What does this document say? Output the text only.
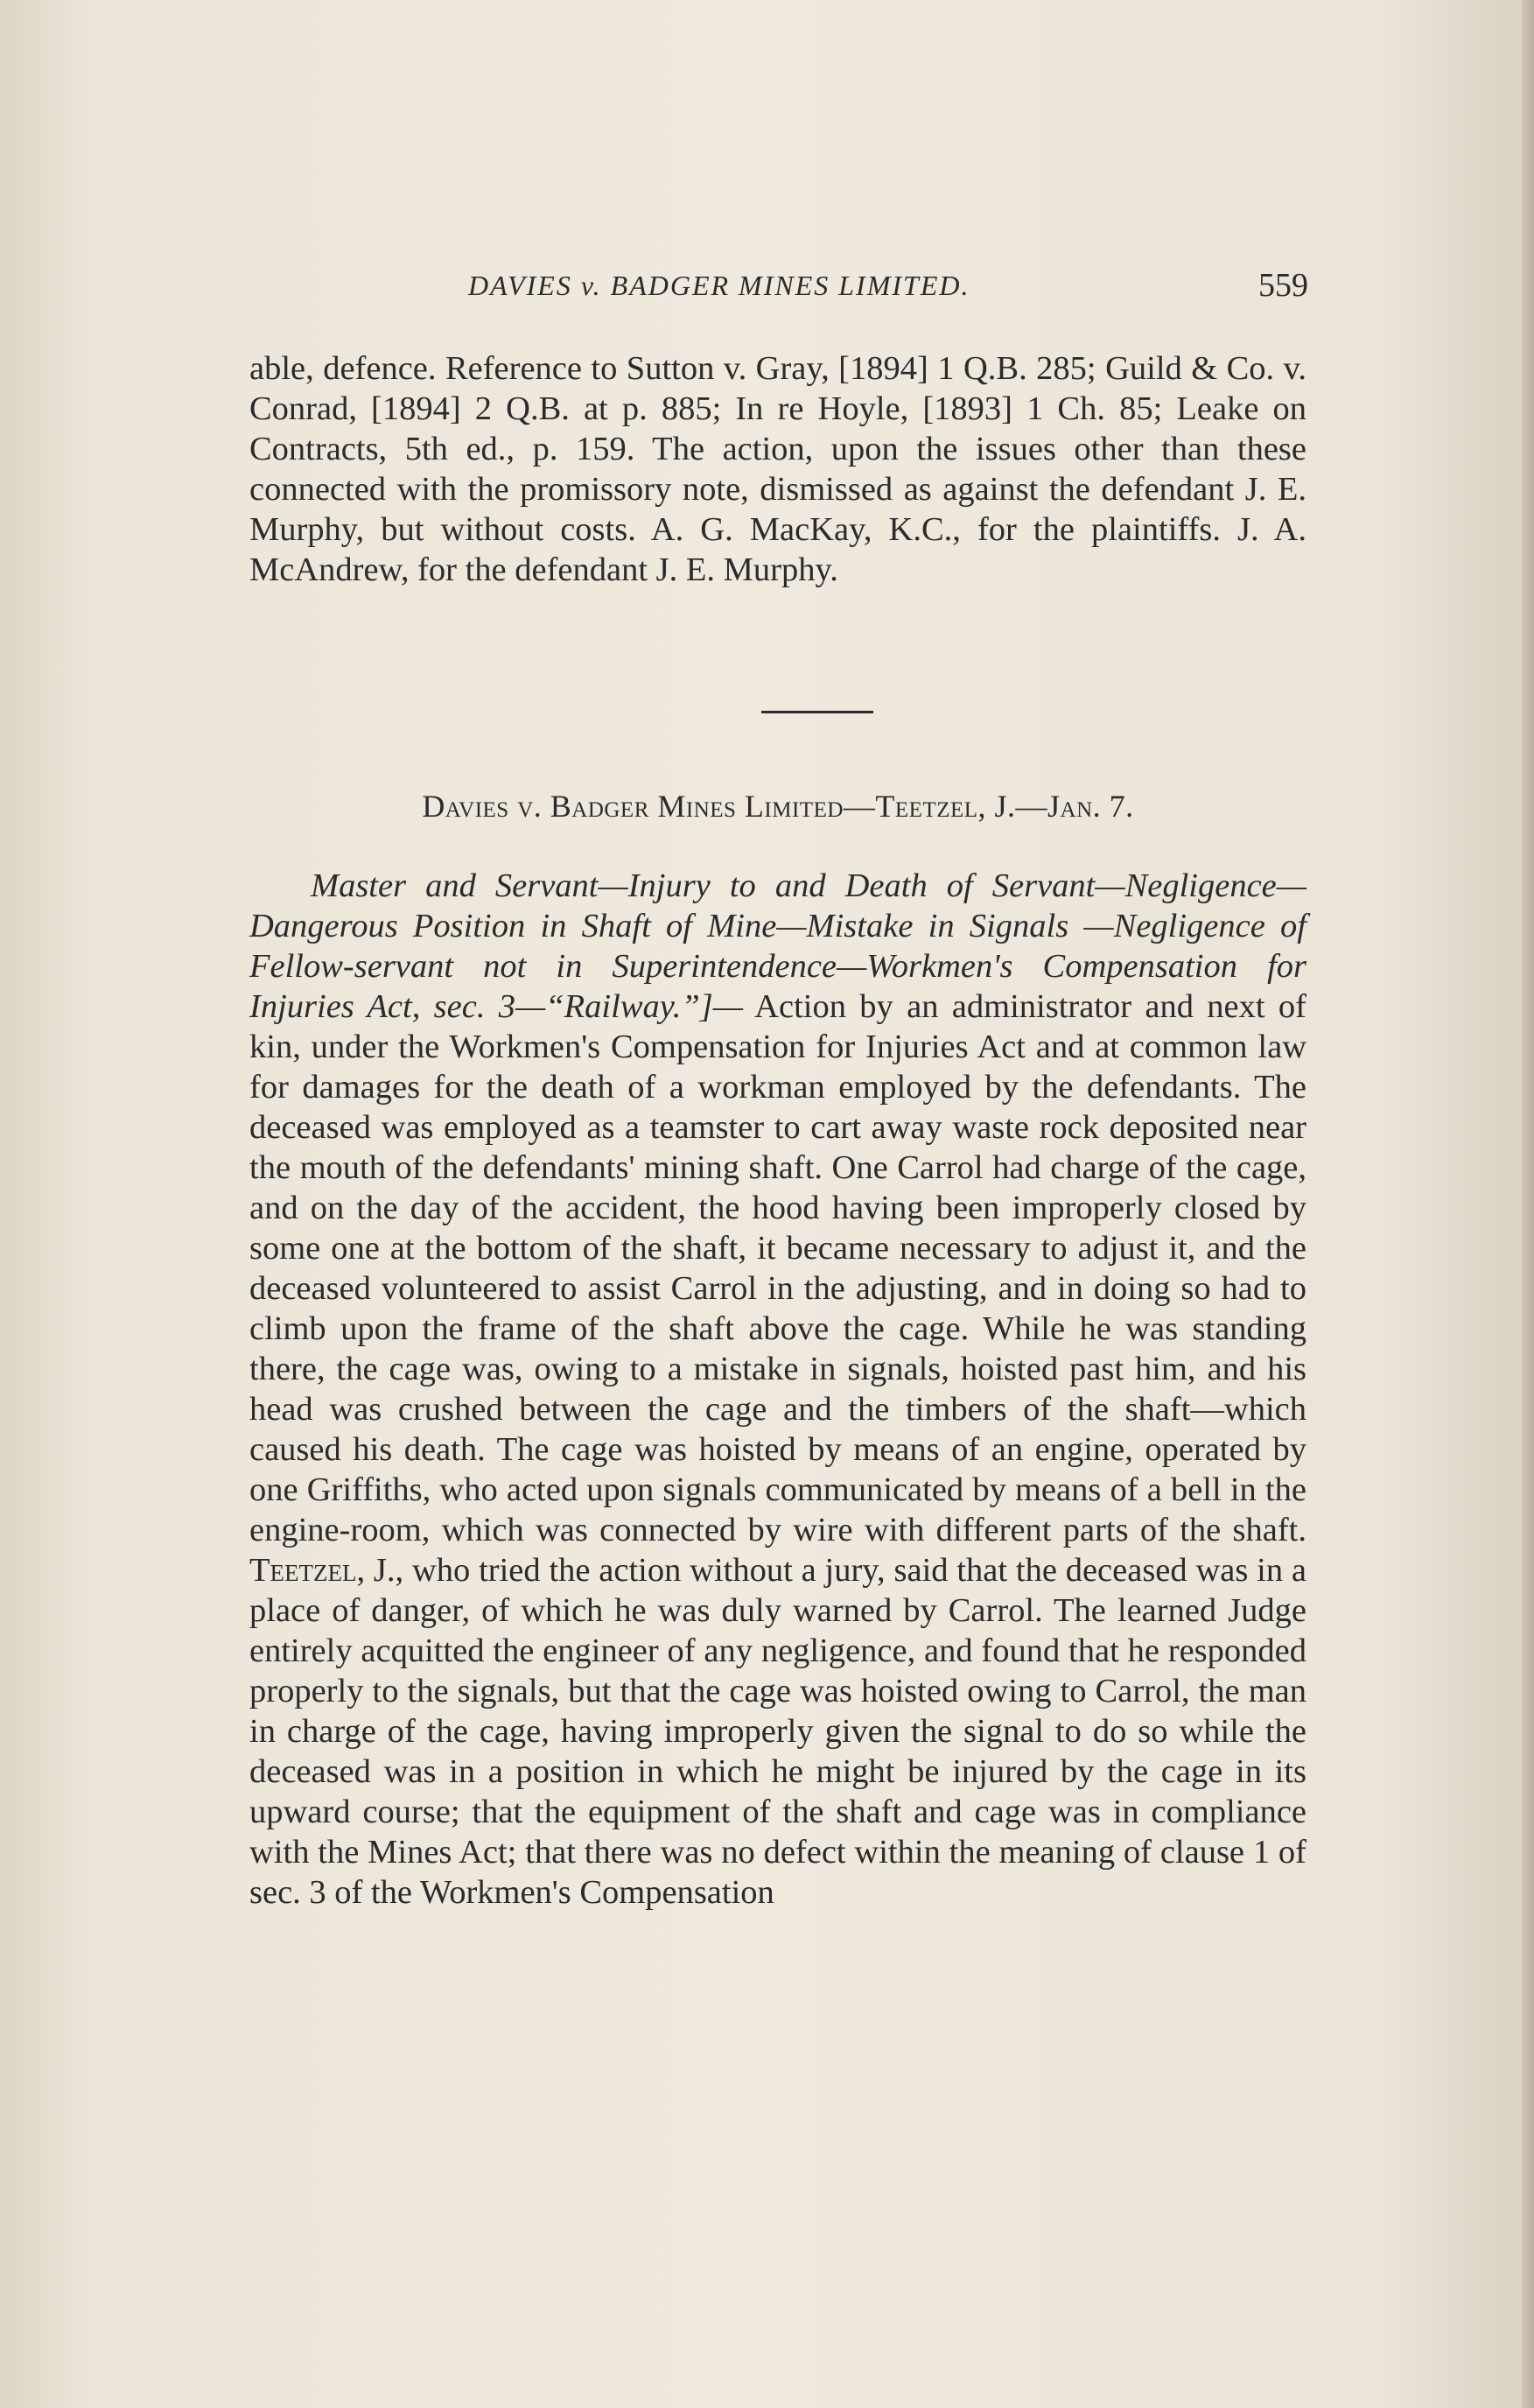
DAVIES v. BADGER MINES LIMITED.	559

able, defence. Reference to Sutton v. Gray, [1894] 1 Q.B. 285; Guild & Co. v. Conrad, [1894] 2 Q.B. at p. 885; In re Hoyle, [1893] 1 Ch. 85; Leake on Contracts, 5th ed., p. 159. The action, upon the issues other than these connected with the promissory note, dismissed as against the defendant J. E. Murphy, but without costs. A. G. MacKay, K.C., for the plaintiffs. J. A. McAndrew, for the defendant J. E. Murphy.

Davies v. Badger Mines Limited—Teetzel, J.—Jan. 7.

Master and Servant—Injury to and Death of Servant—Negligence—Dangerous Position in Shaft of Mine—Mistake in Signals —Negligence of Fellow-servant not in Superintendence—Workmen's Compensation for Injuries Act, sec. 3—“Railway.”]— Action by an administrator and next of kin, under the Workmen's Compensation for Injuries Act and at common law for damages for the death of a workman employed by the defendants. The deceased was employed as a teamster to cart away waste rock deposited near the mouth of the defendants' mining shaft. One Carrol had charge of the cage, and on the day of the accident, the hood having been improperly closed by some one at the bottom of the shaft, it became necessary to adjust it, and the deceased volunteered to assist Carrol in the adjusting, and in doing so had to climb upon the frame of the shaft above the cage. While he was standing there, the cage was, owing to a mistake in signals, hoisted past him, and his head was crushed between the cage and the timbers of the shaft—which caused his death. The cage was hoisted by means of an engine, operated by one Griffiths, who acted upon signals communicated by means of a bell in the engine-room, which was connected by wire with different parts of the shaft. Teetzel, J., who tried the action without a jury, said that the deceased was in a place of danger, of which he was duly warned by Carrol. The learned Judge entirely acquitted the engineer of any negligence, and found that he responded properly to the signals, but that the cage was hoisted owing to Carrol, the man in charge of the cage, having improperly given the signal to do so while the deceased was in a position in which he might be injured by the cage in its upward course; that the equipment of the shaft and cage was in compliance with the Mines Act; that there was no defect within the meaning of clause 1 of sec. 3 of the Workmen's Compensation
